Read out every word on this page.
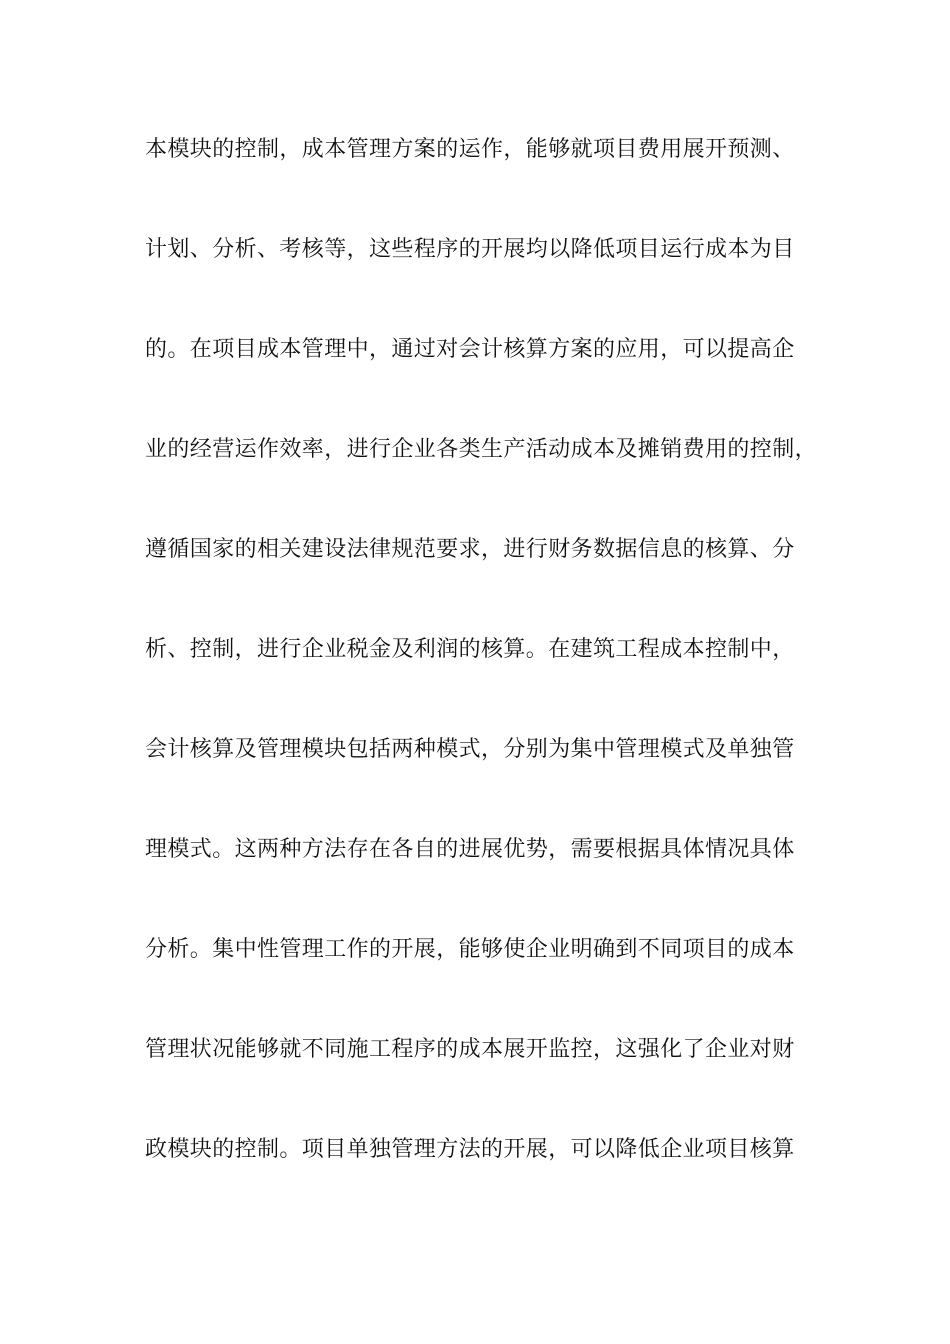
本模块的控制，成本管理方案的运作，能够就项目费用展开预测、
计划、分析、考核等，这些程序的开展均以降低项目运行成本为目
的。在项目成本管理中，通过对会计核算方案的应用，可以提高企
业的经营运作效率，进行企业各类生产活动成本及摊销费用的控制，
遵循国家的相关建设法律规范要求，进行财务数据信息的核算、分
析、控制，进行企业税金及利润的核算。在建筑工程成本控制中，
会计核算及管理模块包括两种模式，分别为集中管理模式及单独管
理模式。这两种方法存在各自的进展优势，需要根据具体情况具体
分析。集中性管理工作的开展，能够使企业明确到不同项目的成本
管理状况能够就不同施工程序的成本展开监控，这强化了企业对财
政模块的控制。项目单独管理方法的开展，可以降低企业项目核算
